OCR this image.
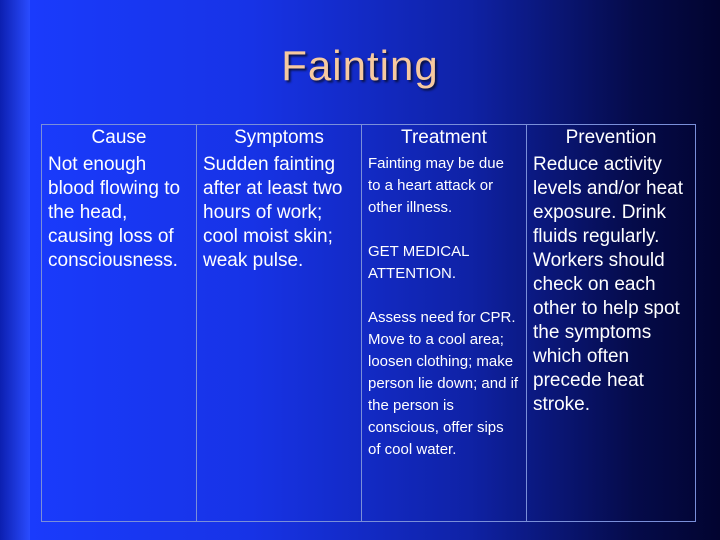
Fainting
Cause	Symptoms	Treatment	Prevention
Not enough blood flowing to the head, causing loss of consciousness.	Sudden fainting after at least two hours of work; cool moist skin; weak pulse.	Fainting may be due to a heart attack or other illness.

GET MEDICAL ATTENTION.

Assess need for CPR. Move to a cool area; loosen clothing; make person lie down; and if the person is conscious, offer sips of cool water.	Reduce activity levels and/or heat exposure. Drink fluids regularly. Workers should check on each other to help spot the symptoms which often precede heat stroke.
